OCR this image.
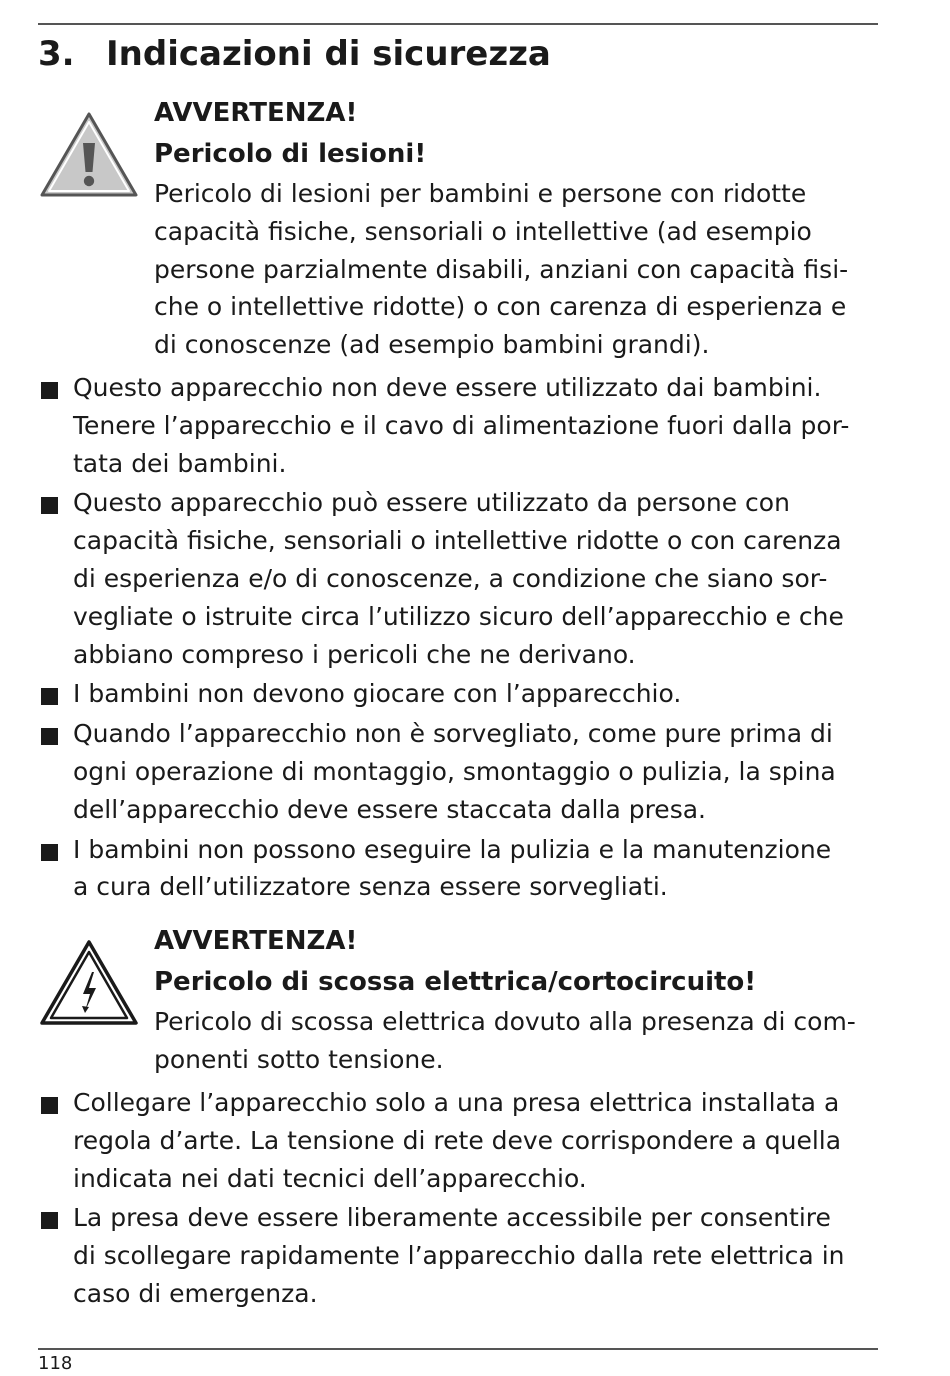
3. Indicazioni di sicurezza
AVVERTENZA!
Pericolo di lesioni!
Pericolo di lesioni per bambini e persone con ridotte
capacità fisiche, sensoriali o intellettive (ad esempio
persone parzialmente disabili, anziani con capacità fisi-
che o intellettive ridotte) o con carenza di esperienza e
di conoscenze (ad esempio bambini grandi).
Questo apparecchio non deve essere utilizzato dai bambini.
Tenere l’apparecchio e il cavo di alimentazione fuori dalla por-
tata dei bambini.
Questo apparecchio può essere utilizzato da persone con
capacità fisiche, sensoriali o intellettive ridotte o con carenza
di esperienza e/o di conoscenze, a condizione che siano sor-
vegliate o istruite circa l’utilizzo sicuro dell’apparecchio e che
abbiano compreso i pericoli che ne derivano.
I bambini non devono giocare con l’apparecchio.
Quando l’apparecchio non è sorvegliato, come pure prima di
ogni operazione di montaggio, smontaggio o pulizia, la spina
dell’apparecchio deve essere staccata dalla presa.
I bambini non possono eseguire la pulizia e la manutenzione
a cura dell’utilizzatore senza essere sorvegliati.
AVVERTENZA!
Pericolo di scossa elettrica/cortocircuito!
Pericolo di scossa elettrica dovuto alla presenza di com-
ponenti sotto tensione.
Collegare l’apparecchio solo a una presa elettrica installata a
regola d’arte. La tensione di rete deve corrispondere a quella
indicata nei dati tecnici dell’apparecchio.
La presa deve essere liberamente accessibile per consentire
di scollegare rapidamente l’apparecchio dalla rete elettrica in
caso di emergenza.
118
